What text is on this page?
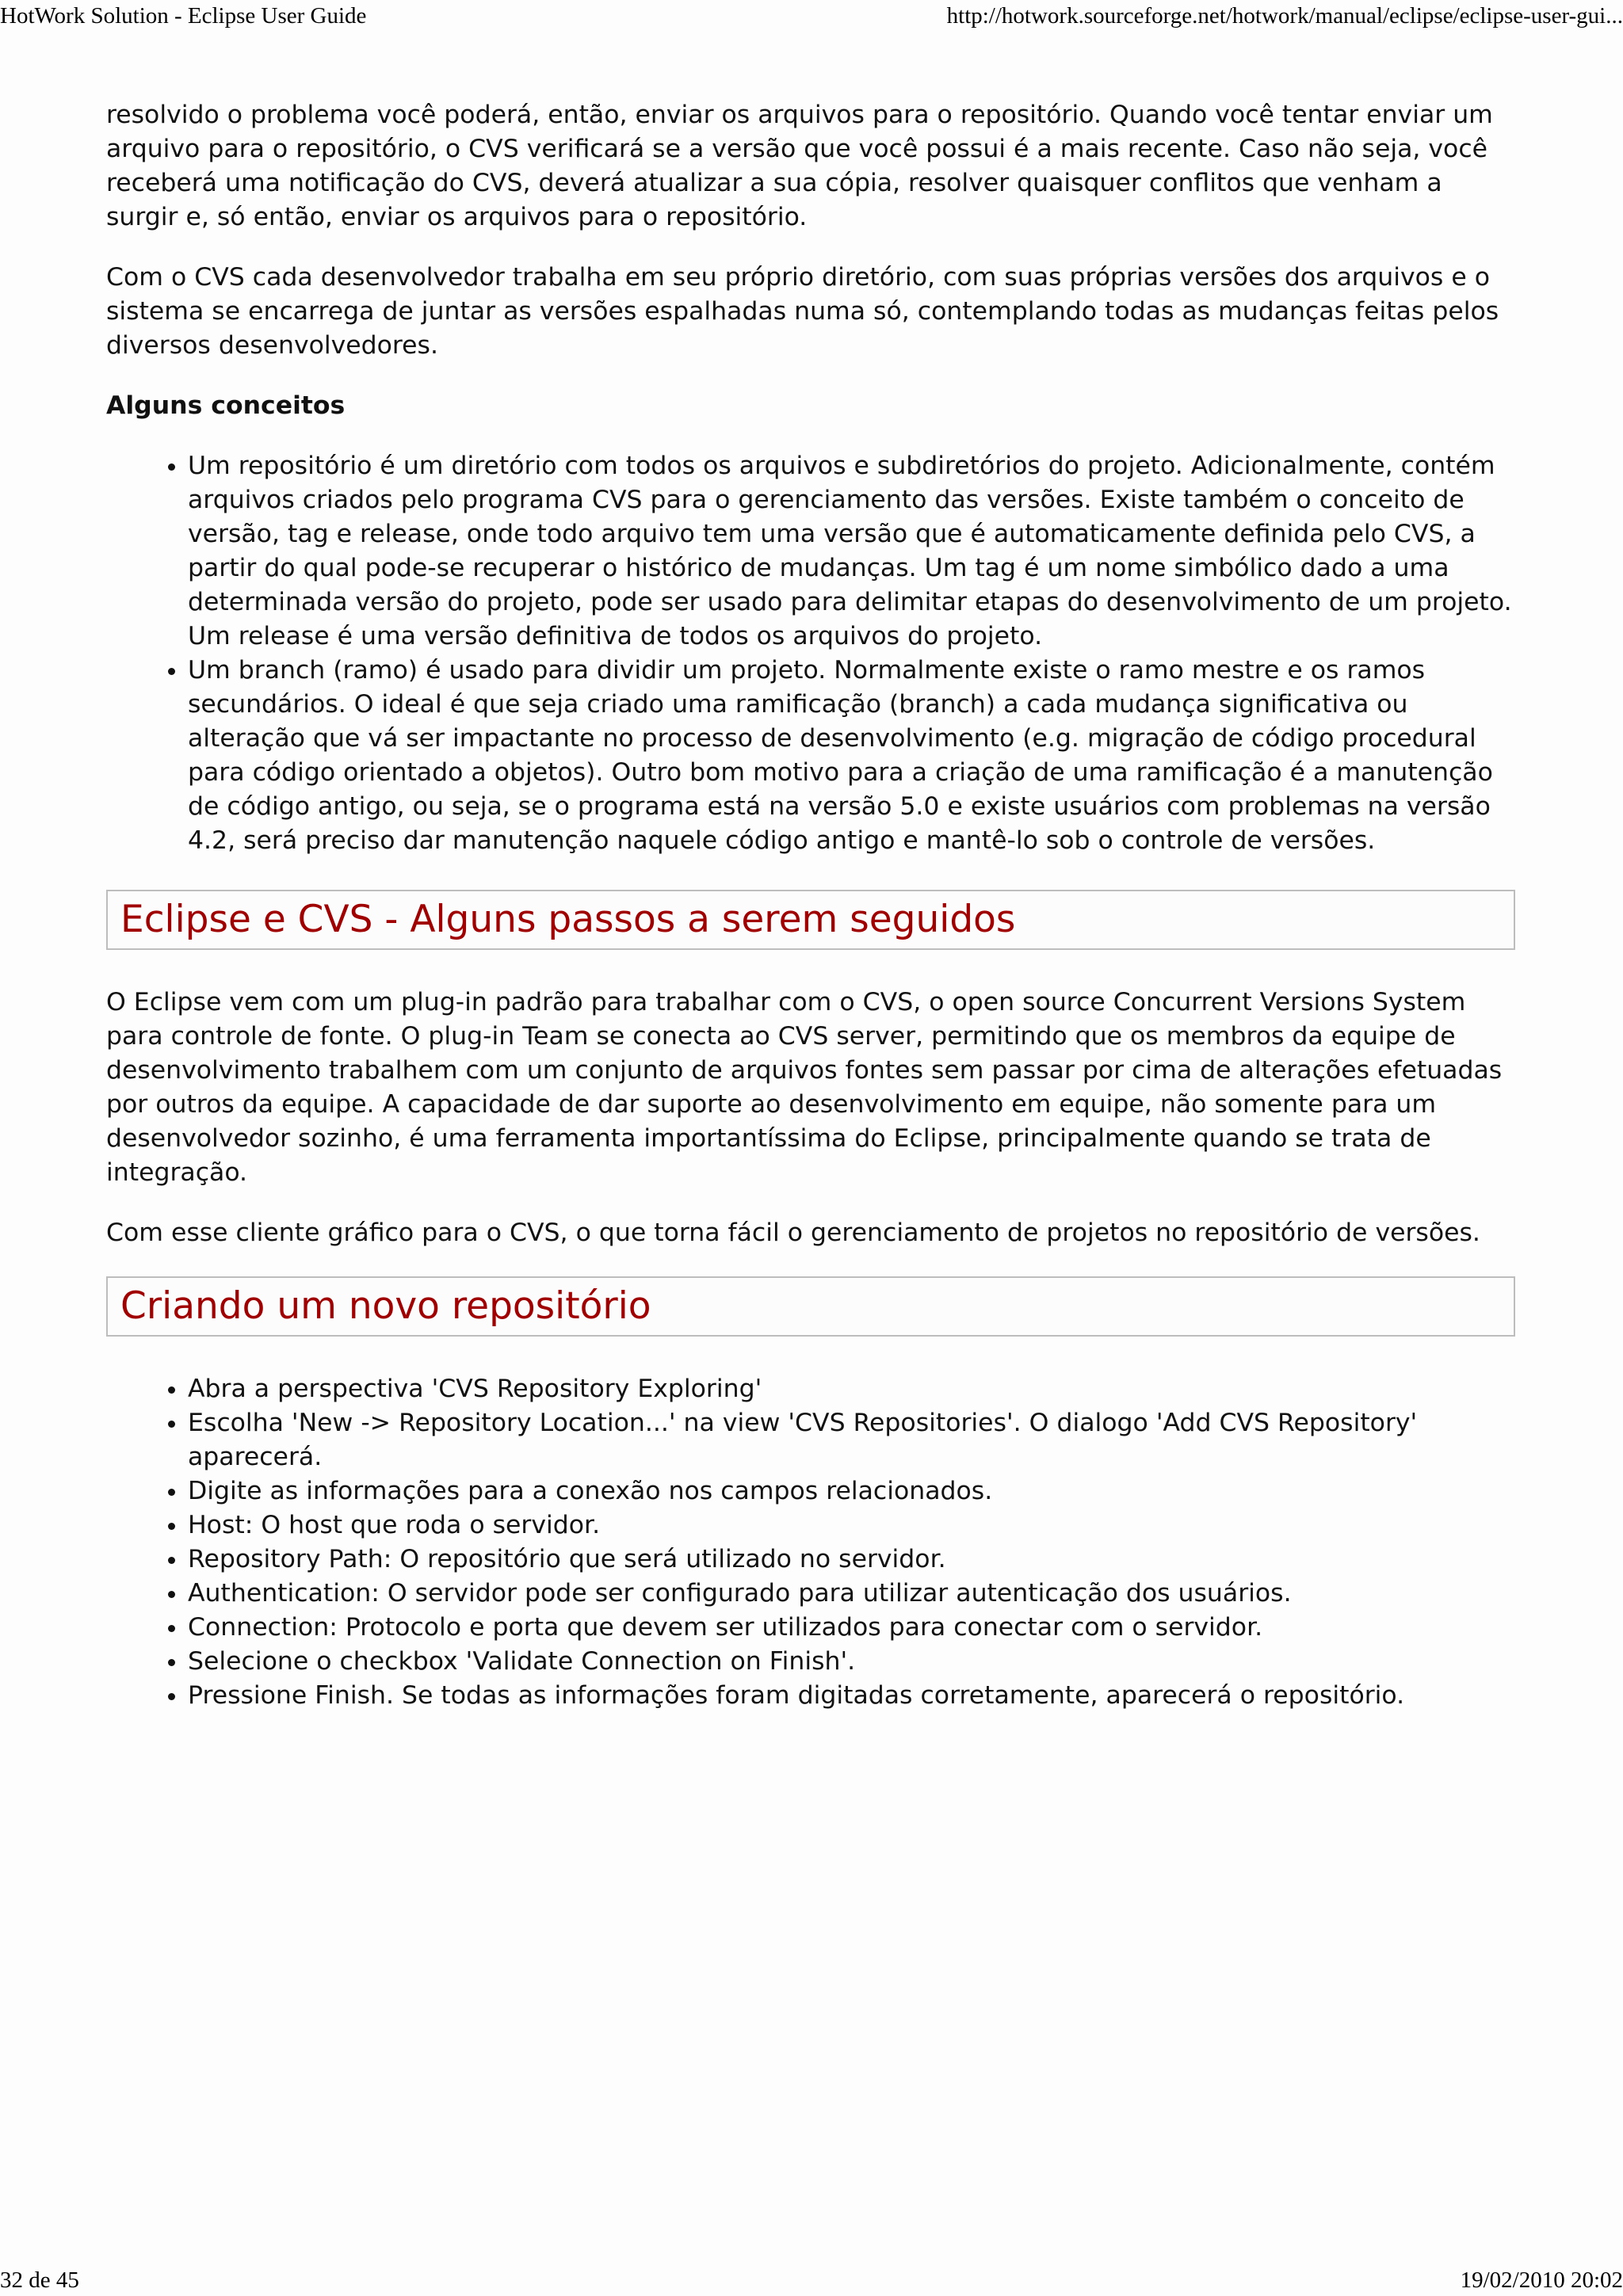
HotWork Solution - Eclipse User Guide	http://hotwork.sourceforge.net/hotwork/manual/eclipse/eclipse-user-gui...

resolvido o problema você poderá, então, enviar os arquivos para o repositório. Quando você tentar enviar um arquivo para o repositório, o CVS verificará se a versão que você possui é a mais recente. Caso não seja, você receberá uma notificação do CVS, deverá atualizar a sua cópia, resolver quaisquer conflitos que venham a surgir e, só então, enviar os arquivos para o repositório.

Com o CVS cada desenvolvedor trabalha em seu próprio diretório, com suas próprias versões dos arquivos e o sistema se encarrega de juntar as versões espalhadas numa só, contemplando todas as mudanças feitas pelos diversos desenvolvedores.

Alguns conceitos
• Um repositório é um diretório com todos os arquivos e subdiretórios do projeto. Adicionalmente, contém arquivos criados pelo programa CVS para o gerenciamento das versões. Existe também o conceito de versão, tag e release, onde todo arquivo tem uma versão que é automaticamente definida pelo CVS, a partir do qual pode-se recuperar o histórico de mudanças. Um tag é um nome simbólico dado a uma determinada versão do projeto, pode ser usado para delimitar etapas do desenvolvimento de um projeto. Um release é uma versão definitiva de todos os arquivos do projeto.
• Um branch (ramo) é usado para dividir um projeto. Normalmente existe o ramo mestre e os ramos secundários. O ideal é que seja criado uma ramificação (branch) a cada mudança significativa ou alteração que vá ser impactante no processo de desenvolvimento (e.g. migração de código procedural para código orientado a objetos). Outro bom motivo para a criação de uma ramificação é a manutenção de código antigo, ou seja, se o programa está na versão 5.0 e existe usuários com problemas na versão 4.2, será preciso dar manutenção naquele código antigo e mantê-lo sob o controle de versões.
Eclipse e CVS - Alguns passos a serem seguidos

O Eclipse vem com um plug-in padrão para trabalhar com o CVS, o open source Concurrent Versions System para controle de fonte. O plug-in Team se conecta ao CVS server, permitindo que os membros da equipe de desenvolvimento trabalhem com um conjunto de arquivos fontes sem passar por cima de alterações efetuadas por outros da equipe. A capacidade de dar suporte ao desenvolvimento em equipe, não somente para um desenvolvedor sozinho, é uma ferramenta importantíssima do Eclipse, principalmente quando se trata de integração.

Com esse cliente gráfico para o CVS, o que torna fácil o gerenciamento de projetos no repositório de versões.

Criando um novo repositório
• Abra a perspectiva 'CVS Repository Exploring'
• Escolha 'New -> Repository Location...' na view 'CVS Repositories'. O dialogo 'Add CVS Repository' aparecerá.
• Digite as informações para a conexão nos campos relacionados.
• Host: O host que roda o servidor.
• Repository Path: O repositório que será utilizado no servidor.
• Authentication: O servidor pode ser configurado para utilizar autenticação dos usuários.
• Connection: Protocolo e porta que devem ser utilizados para conectar com o servidor.
• Selecione o checkbox 'Validate Connection on Finish'.
• Pressione Finish. Se todas as informações foram digitadas corretamente, aparecerá o repositório.
32 de 45	19/02/2010 20:02
